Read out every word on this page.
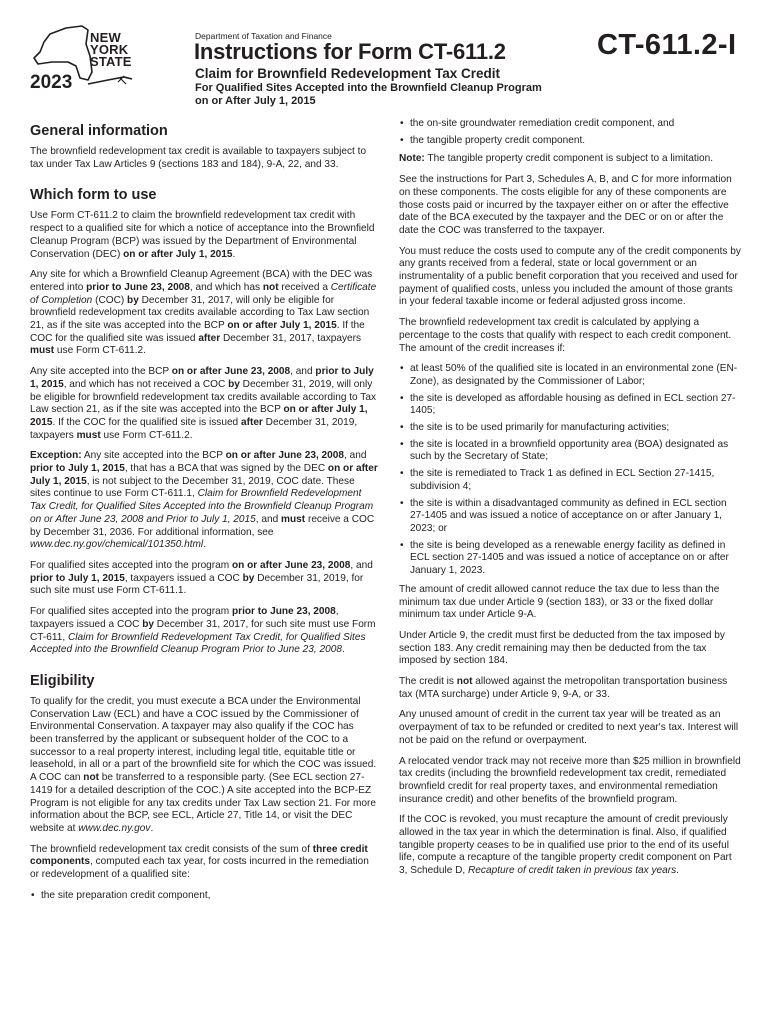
NEW
YORK
STATE
2023
Department of Taxation and Finance
Instructions for Form CT-611.2	CT-611.2-I
Claim for Brownfield Redevelopment Tax Credit
For Qualified Sites Accepted into the Brownfield Cleanup Program on or After July 1, 2015
General information

The brownfield redevelopment tax credit is available to taxpayers subject to tax under Tax Law Articles 9 (sections 183 and 184), 9-A, 22, and 33.

Which form to use

Use Form CT-611.2 to claim the brownfield redevelopment tax credit with respect to a qualified site for which a notice of acceptance into the Brownfield Cleanup Program (BCP) was issued by the Department of Environmental Conservation (DEC) on or after July 1, 2015.

Any site for which a Brownfield Cleanup Agreement (BCA) with the DEC was entered into prior to June 23, 2008, and which has not received a Certificate of Completion (COC) by December 31, 2017, will only be eligible for brownfield redevelopment tax credits available according to Tax Law section 21, as if the site was accepted into the BCP on or after July 1, 2015. If the COC for the qualified site was issued after December 31, 2017, taxpayers must use Form CT-611.2.

Any site accepted into the BCP on or after June 23, 2008, and prior to July 1, 2015, and which has not received a COC by December 31, 2019, will only be eligible for brownfield redevelopment tax credits available according to Tax Law section 21, as if the site was accepted into the BCP on or after July 1, 2015. If the COC for the qualified site is issued after December 31, 2019, taxpayers must use Form CT-611.2.

Exception: Any site accepted into the BCP on or after June 23, 2008, and prior to July 1, 2015, that has a BCA that was signed by the DEC on or after July 1, 2015, is not subject to the December 31, 2019, COC date. These sites continue to use Form CT-611.1, Claim for Brownfield Redevelopment Tax Credit, for Qualified Sites Accepted into the Brownfield Cleanup Program on or After June 23, 2008 and Prior to July 1, 2015, and must receive a COC by December 31, 2036. For additional information, see www.dec.ny.gov/chemical/101350.html.

For qualified sites accepted into the program on or after June 23, 2008, and prior to July 1, 2015, taxpayers issued a COC by December 31, 2019, for such site must use Form CT-611.1.

For qualified sites accepted into the program prior to June 23, 2008, taxpayers issued a COC by December 31, 2017, for such site must use Form CT-611, Claim for Brownfield Redevelopment Tax Credit, for Qualified Sites Accepted into the Brownfield Cleanup Program Prior to June 23, 2008.

Eligibility

To qualify for the credit, you must execute a BCA under the Environmental Conservation Law (ECL) and have a COC issued by the Commissioner of Environmental Conservation. A taxpayer may also qualify if the COC has been transferred by the applicant or subsequent holder of the COC to a successor to a real property interest, including legal title, equitable title or leasehold, in all or a part of the brownfield site for which the COC was issued. A COC can not be transferred to a responsible party. (See ECL section 27-1419 for a detailed description of the COC.) A site accepted into the BCP-EZ Program is not eligible for any tax credits under Tax Law section 21. For more information about the BCP, see ECL, Article 27, Title 14, or visit the DEC website at www.dec.ny.gov.

The brownfield redevelopment tax credit consists of the sum of three credit components, computed each tax year, for costs incurred in the remediation or redevelopment of a qualified site:

• the site preparation credit component,
• the on-site groundwater remediation credit component, and
• the tangible property credit component.

Note: The tangible property credit component is subject to a limitation.

See the instructions for Part 3, Schedules A, B, and C for more information on these components. The costs eligible for any of these components are those costs paid or incurred by the taxpayer either on or after the effective date of the BCA executed by the taxpayer and the DEC or on or after the date the COC was transferred to the taxpayer.

You must reduce the costs used to compute any of the credit components by any grants received from a federal, state or local government or an instrumentality of a public benefit corporation that you received and used for payment of qualified costs, unless you included the amount of those grants in your federal taxable income or federal adjusted gross income.

The brownfield redevelopment tax credit is calculated by applying a percentage to the costs that qualify with respect to each credit component. The amount of the credit increases if:

• at least 50% of the qualified site is located in an environmental zone (EN-Zone), as designated by the Commissioner of Labor;
• the site is developed as affordable housing as defined in ECL section 27-1405;
• the site is to be used primarily for manufacturing activities;
• the site is located in a brownfield opportunity area (BOA) designated as such by the Secretary of State;
• the site is remediated to Track 1 as defined in ECL Section 27-1415, subdivision 4;
• the site is within a disadvantaged community as defined in ECL section 27-1405 and was issued a notice of acceptance on or after January 1, 2023; or
• the site is being developed as a renewable energy facility as defined in ECL section 27-1405 and was issued a notice of acceptance on or after January 1, 2023.

The amount of credit allowed cannot reduce the tax due to less than the minimum tax due under Article 9 (section 183), or 33 or the fixed dollar minimum tax under Article 9-A.

Under Article 9, the credit must first be deducted from the tax imposed by section 183. Any credit remaining may then be deducted from the tax imposed by section 184.

The credit is not allowed against the metropolitan transportation business tax (MTA surcharge) under Article 9, 9-A, or 33.

Any unused amount of credit in the current tax year will be treated as an overpayment of tax to be refunded or credited to next year's tax. Interest will not be paid on the refund or overpayment.

A relocated vendor track may not receive more than $25 million in brownfield tax credits (including the brownfield redevelopment tax credit, remediated brownfield credit for real property taxes, and environmental remediation insurance credit) and other benefits of the brownfield program.

If the COC is revoked, you must recapture the amount of credit previously allowed in the tax year in which the determination is final. Also, if qualified tangible property ceases to be in qualified use prior to the end of its useful life, compute a recapture of the tangible property credit component on Part 3, Schedule D, Recapture of credit taken in previous tax years.
